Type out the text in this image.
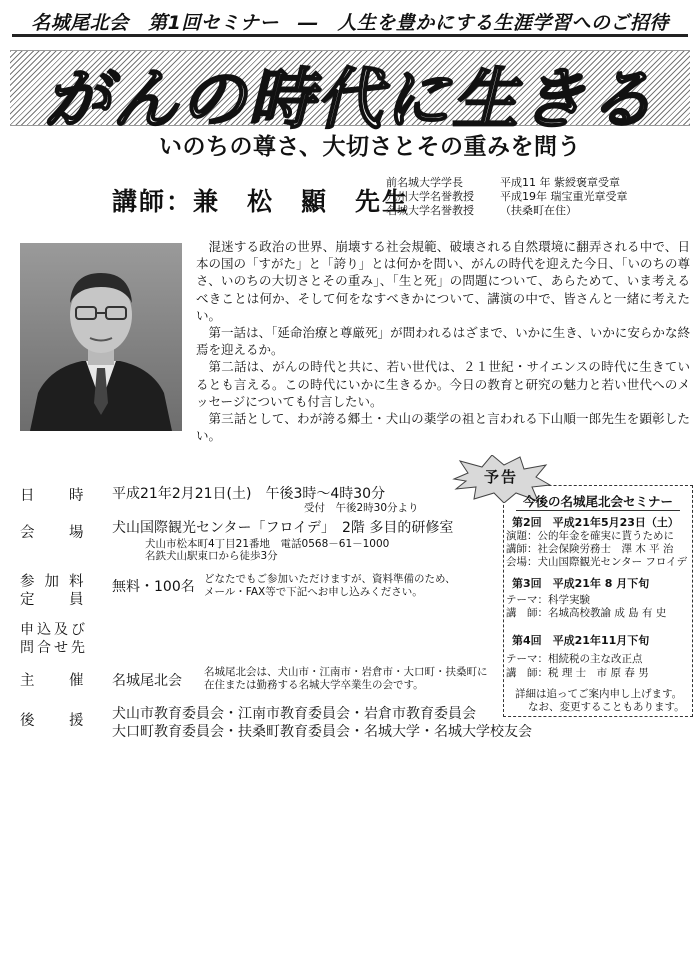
名城尾北会　第1回セミナー　―　人生を豊かにする生涯学習へのご招待
がんの時代に生きる
いのちの尊さ、大切さとその重みを問う
講師：兼　松　顯　先生
前名城大学学長
九州大学名誉教授
名城大学名誉教授
平成11 年 紫綬褒章受章
平成19年 瑞宝重光章受章
（扶桑町在住）

混迷する政治の世界、崩壊する社会規範、破壊される自然環境に翻弄される中で、日本の国の「すがた」と「誇り」とは何かを問い、がんの時代を迎えた今日、「いのちの尊さ、いのちの大切さとその重み」、「生と死」の問題について、あらためて、いま考えるべきことは何か、そして何をなすべきかについて、講演の中で、皆さんと一緒に考えたい。

第一話は、「延命治療と尊厳死」が問われるはざまで、いかに生き、いかに安らかな終焉を迎えるか。

第二話は、がんの時代と共に、若い世代は、２１世紀・サイエンスの時代に生きているとも言える。この時代にいかに生きるか。今日の教育と研究の魅力と若い世代へのメッセージについても付言したい。

第三話として、わが誇る郷土・犬山の薬学の祖と言われる下山順一郎先生を顕彰したい。

日　時
会　場
参加料
定　員
申込及び
問合せ先
主　催
後　援
平成21年2月21日(土)　午後3時～4時30分
受付　午後2時30分より
犬山国際観光センター「フロイデ」　2階 多目的研修室
犬山市松本町4丁目21番地　電話0568－61－1000
名鉄犬山駅東口から徒歩3分
無料・100名 どなたでもご参加いただけますが、資料準備のため、
メール・FAX等で下記へお申し込みください。
名城尾北会
名城尾北会は、犬山市・江南市・岩倉市・大口町・扶桑町に
在住または勤務する名城大学卒業生の会です。
犬山市教育委員会・江南市教育委員会・岩倉市教育委員会
大口町教育委員会・扶桑町教育委員会・名城大学・名城大学校友会
予告
今後の名城尾北会セミナー
第2回　平成21年5月23日（土）
演題：公的年金を確実に貰うために
講師：社会保険労務士　澤 木 平 治
会場：犬山国際観光センター フロイデ
第3回　平成21年 8 月下旬
テーマ：科学実験
講　師：名城高校教諭 成 島 有 史
第4回　平成21年11月下旬
テーマ：相続税の主な改正点
講　師：税 理 士　市 原 春 男
詳細は追ってご案内申し上げます。
なお、変更することもあります。
